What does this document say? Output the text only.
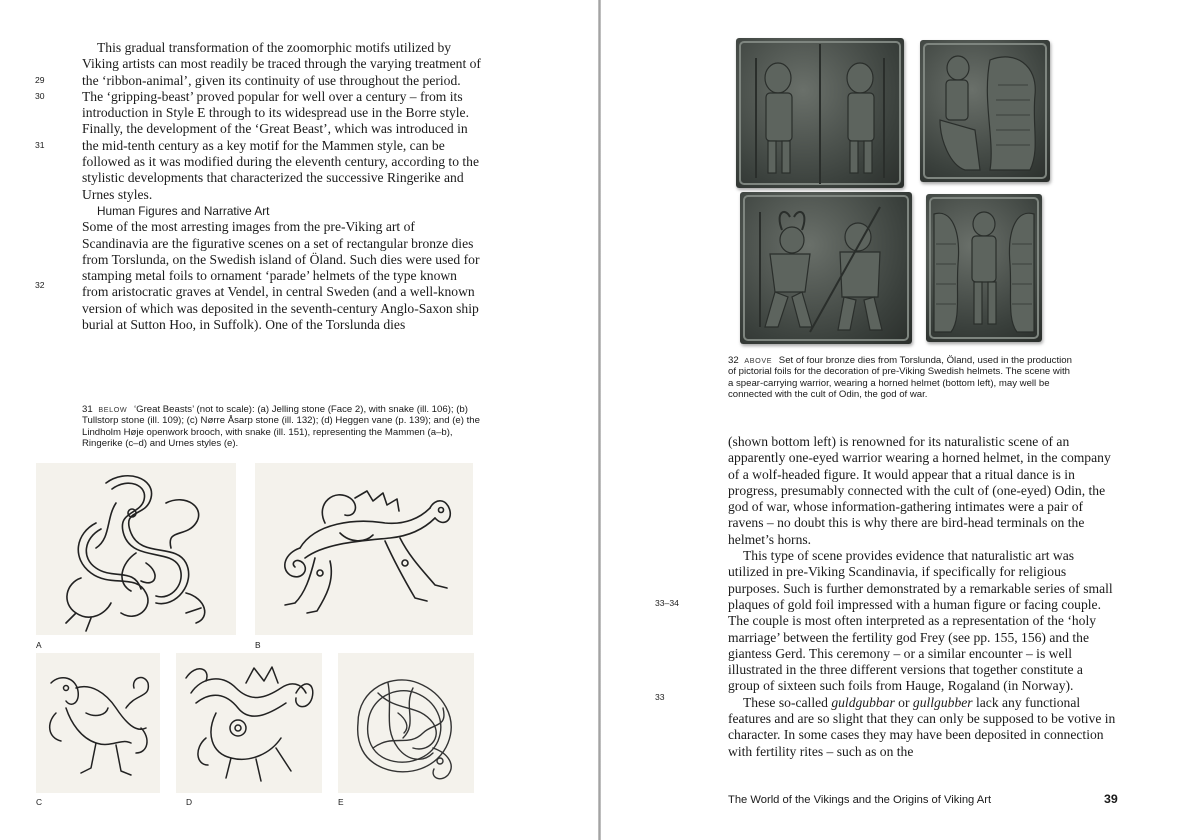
This gradual transformation of the zoomorphic motifs utilized by Viking artists can most readily be traced through the varying treatment of the ‘ribbon-animal’, given its continuity of use throughout the period. The ‘gripping-beast’ proved popular for well over a century – from its introduction in Style E through to its widespread use in the Borre style. Finally, the development of the ‘Great Beast’, which was introduced in the mid-tenth century as a key motif for the Mammen style, can be followed as it was modified during the eleventh century, according to the stylistic developments that characterized the successive Ringerike and Urnes styles.

Human Figures and Narrative Art

Some of the most arresting images from the pre-Viking art of Scandinavia are the figurative scenes on a set of rectangular bronze dies from Torslunda, on the Swedish island of Öland. Such dies were used for stamping metal foils to ornament ‘parade’ helmets of the type known from aristocratic graves at Vendel, in central Sweden (and a well-known version of which was deposited in the seventh-century Anglo-Saxon ship burial at Sutton Hoo, in Suffolk). One of the Torslunda dies

29
30
31
32
31 BELOW ‘Great Beasts’ (not to scale): (a) Jelling stone (Face 2), with snake (ill. 106); (b) Tullstorp stone (ill. 109); (c) Nørre Åsarp stone (ill. 132); (d) Heggen vane (p. 139); and (e) the Lindholm Høje openwork brooch, with snake (ill. 151), representing the Mammen (a–b), Ringerike (c–d) and Urnes styles (e).
A	B
C	D	E
32 ABOVE Set of four bronze dies from Torslunda, Öland, used in the production of pictorial foils for the decoration of pre-Viking Swedish helmets. The scene with a spear-carrying warrior, wearing a horned helmet (bottom left), may well be connected with the cult of Odin, the god of war.

(shown bottom left) is renowned for its naturalistic scene of an apparently one-eyed warrior wearing a horned helmet, in the company of a wolf-headed figure. It would appear that a ritual dance is in progress, presumably connected with the cult of (one-eyed) Odin, the god of war, whose information-gathering intimates were a pair of ravens – no doubt this is why there are bird-head terminals on the helmet’s horns.

This type of scene provides evidence that naturalistic art was utilized in pre-Viking Scandinavia, if specifically for religious purposes. Such is further demonstrated by a remarkable series of small plaques of gold foil impressed with a human figure or facing couple. The couple is most often interpreted as a representation of the ‘holy marriage’ between the fertility god Frey (see pp. 155, 156) and the giantess Gerd. This ceremony – or a similar encounter – is well illustrated in the three different versions that together constitute a group of sixteen such foils from Hauge, Rogaland (in Norway).

These so-called guldgubbar or gullgubber lack any functional features and are so slight that they can only be supposed to be votive in character. In some cases they may have been deposited in connection with fertility rites – such as on the

33–34
33
The World of the Vikings and the Origins of Viking Art	39
